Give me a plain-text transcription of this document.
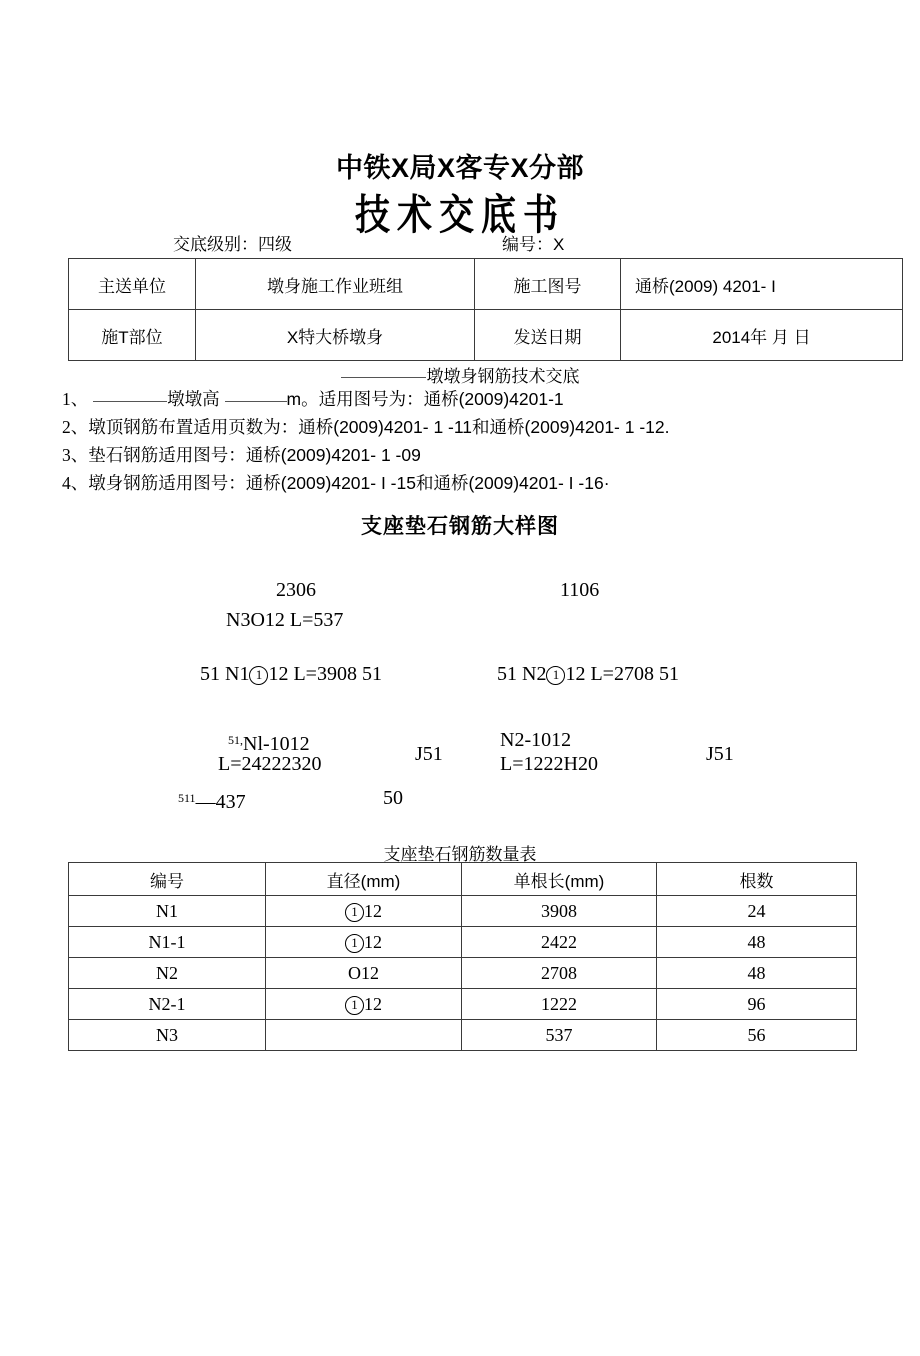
中铁X局X客专X分部
技术交底书
交底级别：四级	编号：X
主送单位	墩身施工作业班组	施工图号	通桥(2009) 4201- I
施T部位	X特大桥墩身	发送日期	2014年 月 日
墩墩身钢筋技术交底
1、	墩墩高	m。适用图号为：通桥(2009)4201-1
2、墩顶钢筋布置适用页数为：通桥(2009)4201- 1 -11和通桥(2009)4201- 1 -12.
3、垫石钢筋适用图号：通桥(2009)4201- 1 -09
4、墩身钢筋适用图号：通桥(2009)4201- I -15和通桥(2009)4201- I -16·
支座垫石钢筋大样图
2306	1106
N3O12 L=537
51 N1 1 12 L=3908 51	51 N2 1 12 L=2708 51
$^{51,}$Nl-1012
L=24222320	J51
N2-1012
L=1222H20	J51
$^{511}$—437	50
支座垫石钢筋数量表
编号	直径(mm)	单根长(mm)	根数
N1	1 12	3908	24
N1-1	1 12	2422	48
N2	O12	2708	48
N2-1	1 12	1222	96
N3		537	56
